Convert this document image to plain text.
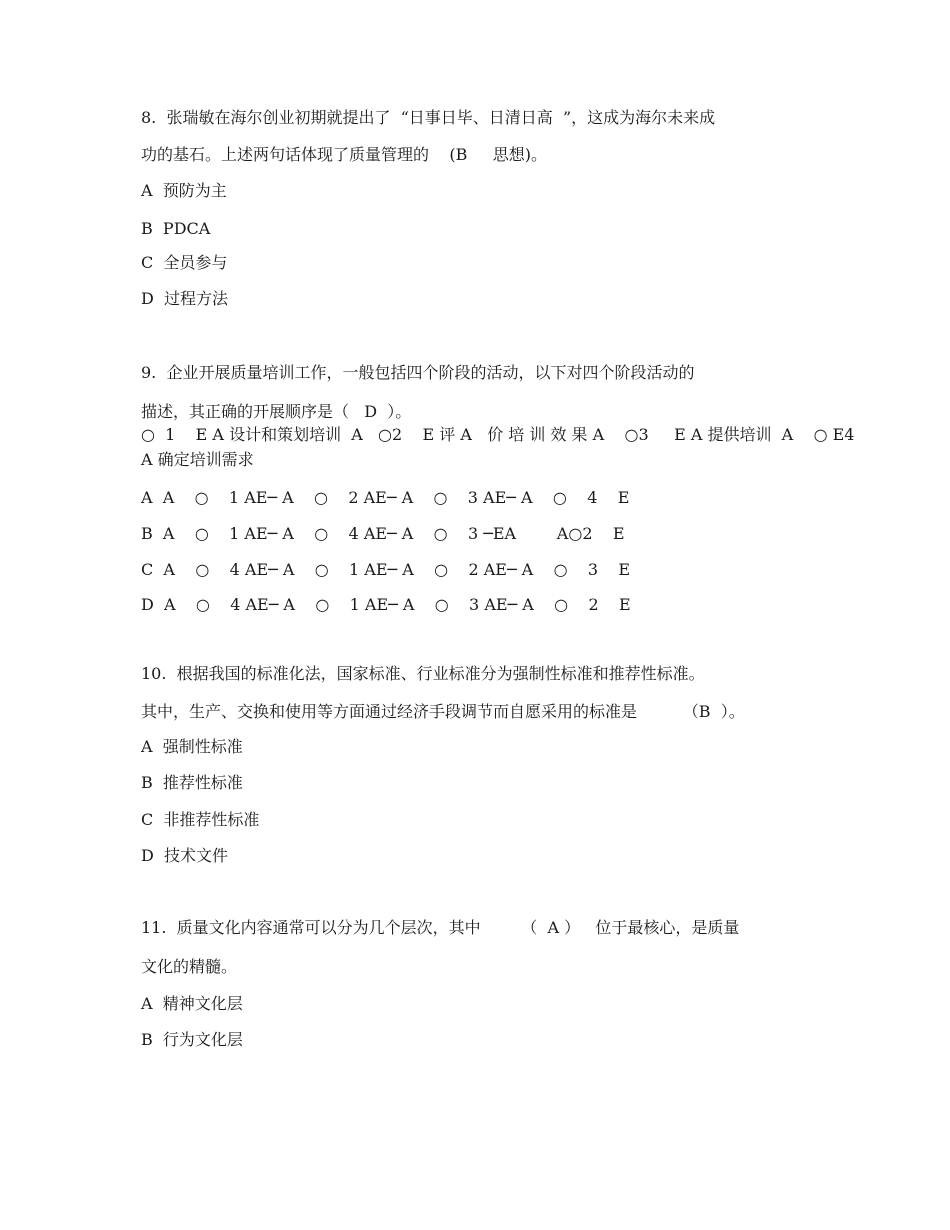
8.  张瑞敏在海尔创业初期就提出了  “日事日毕、日清日高  ”，这成为海尔未来成
功的基石。上述两句话体现了质量管理的    (B     思想)。
A  预防为主
B  PDCA
C  全员参与
D  过程方法
9.  企业开展质量培训工作，一般包括四个阶段的活动，以下对四个阶段活动的
描述，其正确的开展顺序是（   D  ）。
○  1    E A 设计和策划培训  A   ○2    E 评 A   价 培 训 效 果 A    ○3     E A 提供培训  A    ○ E4
A 确定培训需求
A  A    ○    1 AE─ A    ○    2 AE─ A    ○    3 AE─ A    ○    4    E
B  A    ○    1 AE─ A    ○    4 AE─ A    ○    3 ─EA        A○2    E
C  A    ○    4 AE─ A    ○    1 AE─ A    ○    2 AE─ A    ○    3    E
D  A    ○    4 AE─ A    ○    1 AE─ A    ○    3 AE─ A    ○    2    E
10.  根据我国的标准化法，国家标准、行业标准分为强制性标准和推荐性标准。
其中，生产、交换和使用等方面通过经济手段调节而自愿采用的标准是         （B  ）。
A  强制性标准
B  推荐性标准
C  非推荐性标准
D  技术文件
11.  质量文化内容通常可以分为几个层次，其中        （  A ）   位于最核心，是质量
文化的精髓。
A  精神文化层
B  行为文化层
